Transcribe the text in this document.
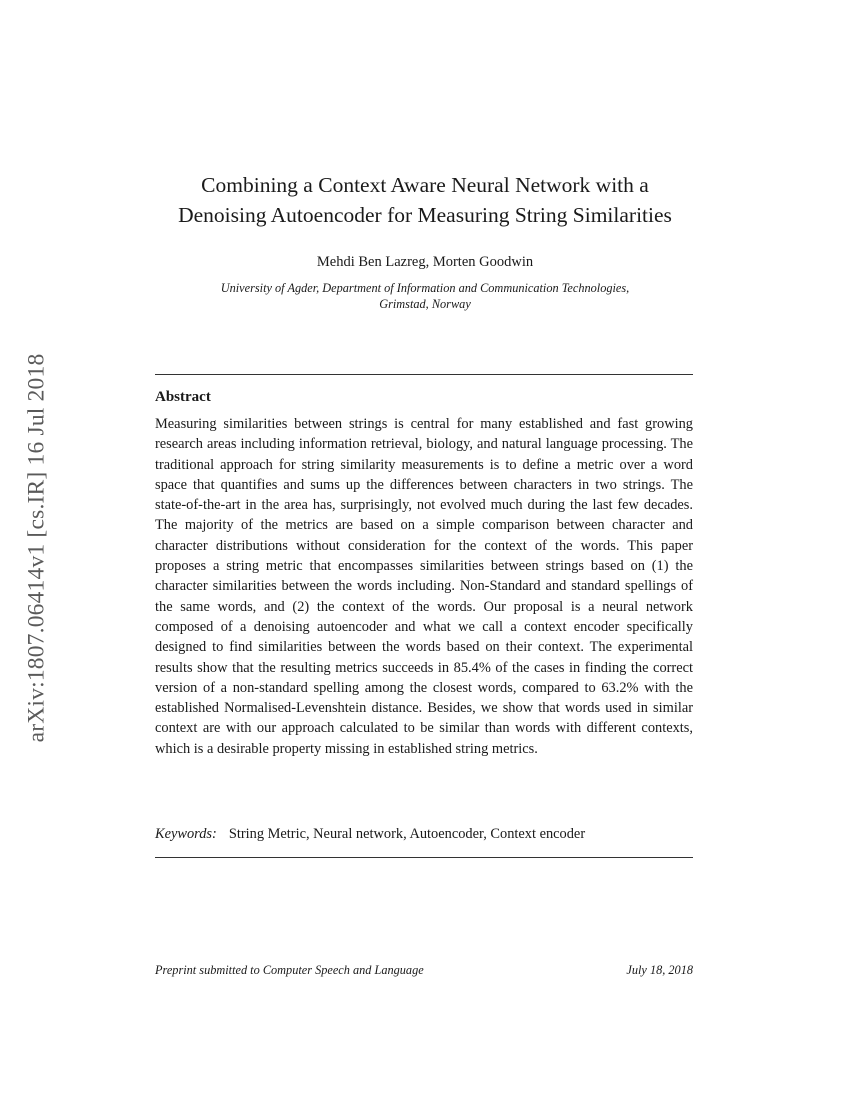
arXiv:1807.06414v1 [cs.IR] 16 Jul 2018
Combining a Context Aware Neural Network with a
Denoising Autoencoder for Measuring String Similarities
Mehdi Ben Lazreg, Morten Goodwin
University of Agder, Department of Information and Communication Technologies,
Grimstad, Norway
Abstract
Measuring similarities between strings is central for many established and fast growing research areas including information retrieval, biology, and natural language processing. The traditional approach for string similarity measurements is to define a metric over a word space that quantifies and sums up the differences between characters in two strings. The state-of-the-art in the area has, surprisingly, not evolved much during the last few decades. The majority of the metrics are based on a simple comparison between character and character distributions without consideration for the context of the words. This paper proposes a string metric that encompasses similarities between strings based on (1) the character similarities between the words including. Non-Standard and standard spellings of the same words, and (2) the context of the words. Our proposal is a neural network composed of a denoising autoencoder and what we call a context encoder specifically designed to find similarities between the words based on their context. The experimental results show that the resulting metrics succeeds in 85.4% of the cases in finding the correct version of a non-standard spelling among the closest words, compared to 63.2% with the established Normalised-Levenshtein distance. Besides, we show that words used in similar context are with our approach calculated to be similar than words with different contexts, which is a desirable property missing in established string metrics.
Keywords: String Metric, Neural network, Autoencoder, Context encoder
Preprint submitted to Computer Speech and Language	July 18, 2018
